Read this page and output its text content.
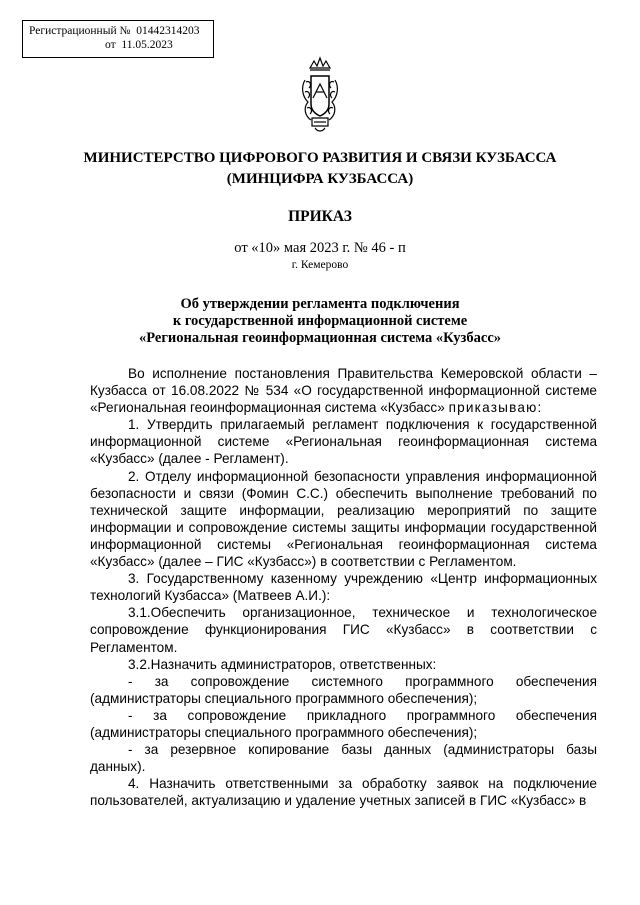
Регистрационный № 01442314203
от 11.05.2023
МИНИСТЕРСТВО ЦИФРОВОГО РАЗВИТИЯ И СВЯЗИ КУЗБАССА
(МИНЦИФРА КУЗБАССА)
ПРИКАЗ
от «10» мая 2023 г. № 46 - п
г. Кемерово
Об утверждении регламента подключения
к государственной информационной системе
«Региональная геоинформационная система «Кузбасс»

Во исполнение постановления Правительства Кемеровской области – Кузбасса от 16.08.2022 № 534 «О государственной информационной системе «Региональная геоинформационная система «Кузбасс» приказываю:

1. Утвердить прилагаемый регламент подключения к государственной информационной системе «Региональная геоинформационная система «Кузбасс» (далее - Регламент).

2. Отделу информационной безопасности управления информационной безопасности и связи (Фомин С.С.) обеспечить выполнение требований по технической защите информации, реализацию мероприятий по защите информации и сопровождение системы защиты информации государственной информационной системы «Региональная геоинформационная система «Кузбасс» (далее – ГИС «Кузбасс») в соответствии с Регламентом.

3. Государственному казенному учреждению «Центр информационных технологий Кузбасса» (Матвеев А.И.):

3.1.Обеспечить организационное, техническое и технологическое сопровождение функционирования ГИС «Кузбасс» в соответствии с Регламентом.

3.2.Назначить администраторов, ответственных:

- за сопровождение системного программного обеспечения (администраторы специального программного обеспечения);

- за сопровождение прикладного программного обеспечения (администраторы специального программного обеспечения);

- за резервное копирование базы данных (администраторы базы данных).

4. Назначить ответственными за обработку заявок на подключение пользователей, актуализацию и удаление учетных записей в ГИС «Кузбасс» в
